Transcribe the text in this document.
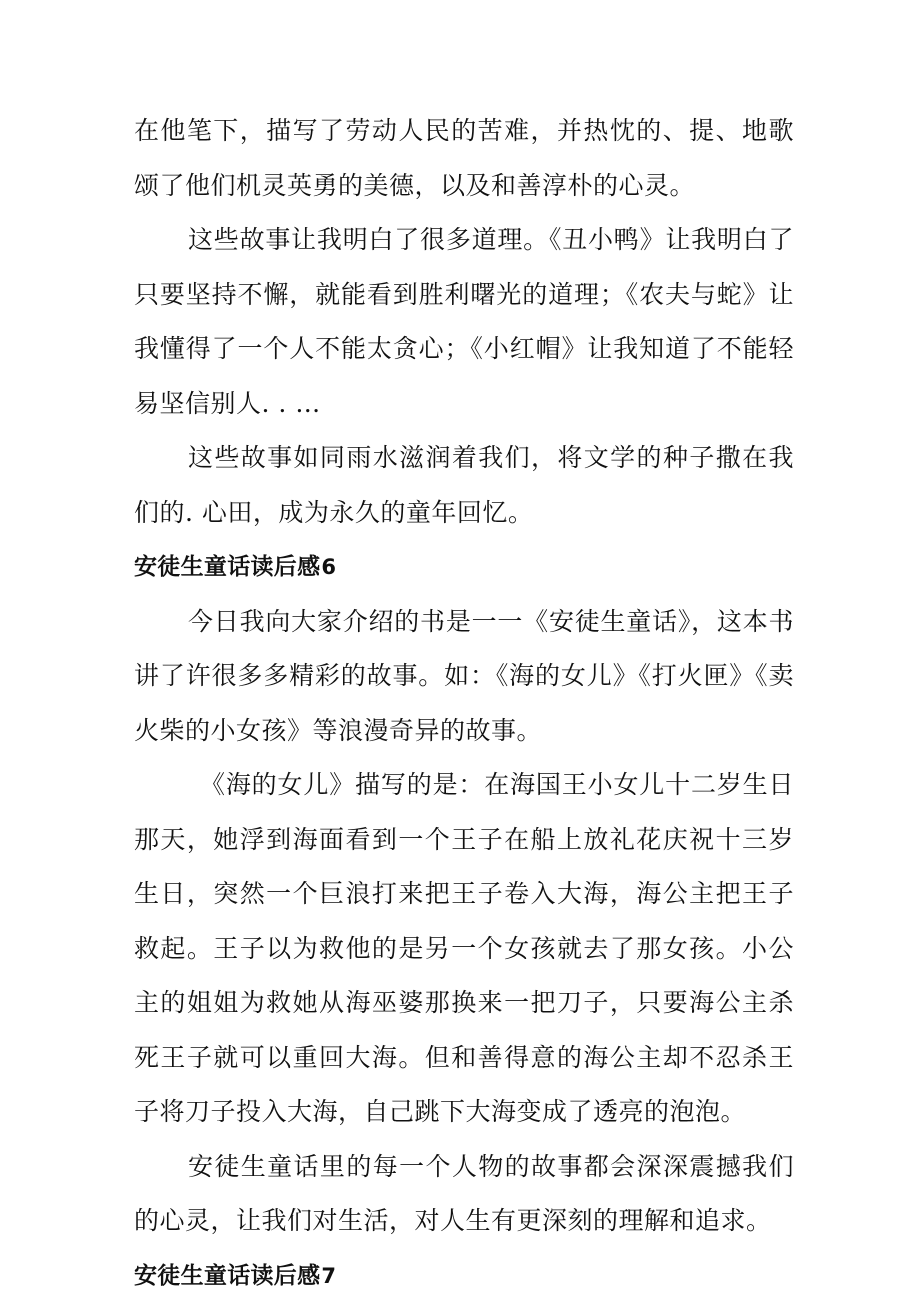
在他笔下，描写了劳动人民的苦难，并热忱的、提、地歌颂了他们机灵英勇的美德，以及和善淳朴的心灵。

这些故事让我明白了很多道理。《丑小鸭》让我明白了只要坚持不懈，就能看到胜利曙光的道理；《农夫与蛇》让我懂得了一个人不能太贪心；《小红帽》让我知道了不能轻易坚信别人. . …

这些故事如同雨水滋润着我们，将文学的种子撒在我们的. 心田，成为永久的童年回忆。

安徒生童话读后感6

今日我向大家介绍的书是一一《安徒生童话》，这本书讲了许很多多精彩的故事。如：《海的女儿》《打火匣》《卖火柴的小女孩》等浪漫奇异的故事。

《海的女儿》描写的是：在海国王小女儿十二岁生日那天，她浮到海面看到一个王子在船上放礼花庆祝十三岁生日，突然一个巨浪打来把王子卷入大海，海公主把王子救起。王子以为救他的是另一个女孩就去了那女孩。小公主的姐姐为救她从海巫婆那换来一把刀子，只要海公主杀死王子就可以重回大海。但和善得意的海公主却不忍杀王子将刀子投入大海，自己跳下大海变成了透亮的泡泡。

安徒生童话里的每一个人物的故事都会深深震撼我们的心灵，让我们对生活，对人生有更深刻的理解和追求。

安徒生童话读后感7
